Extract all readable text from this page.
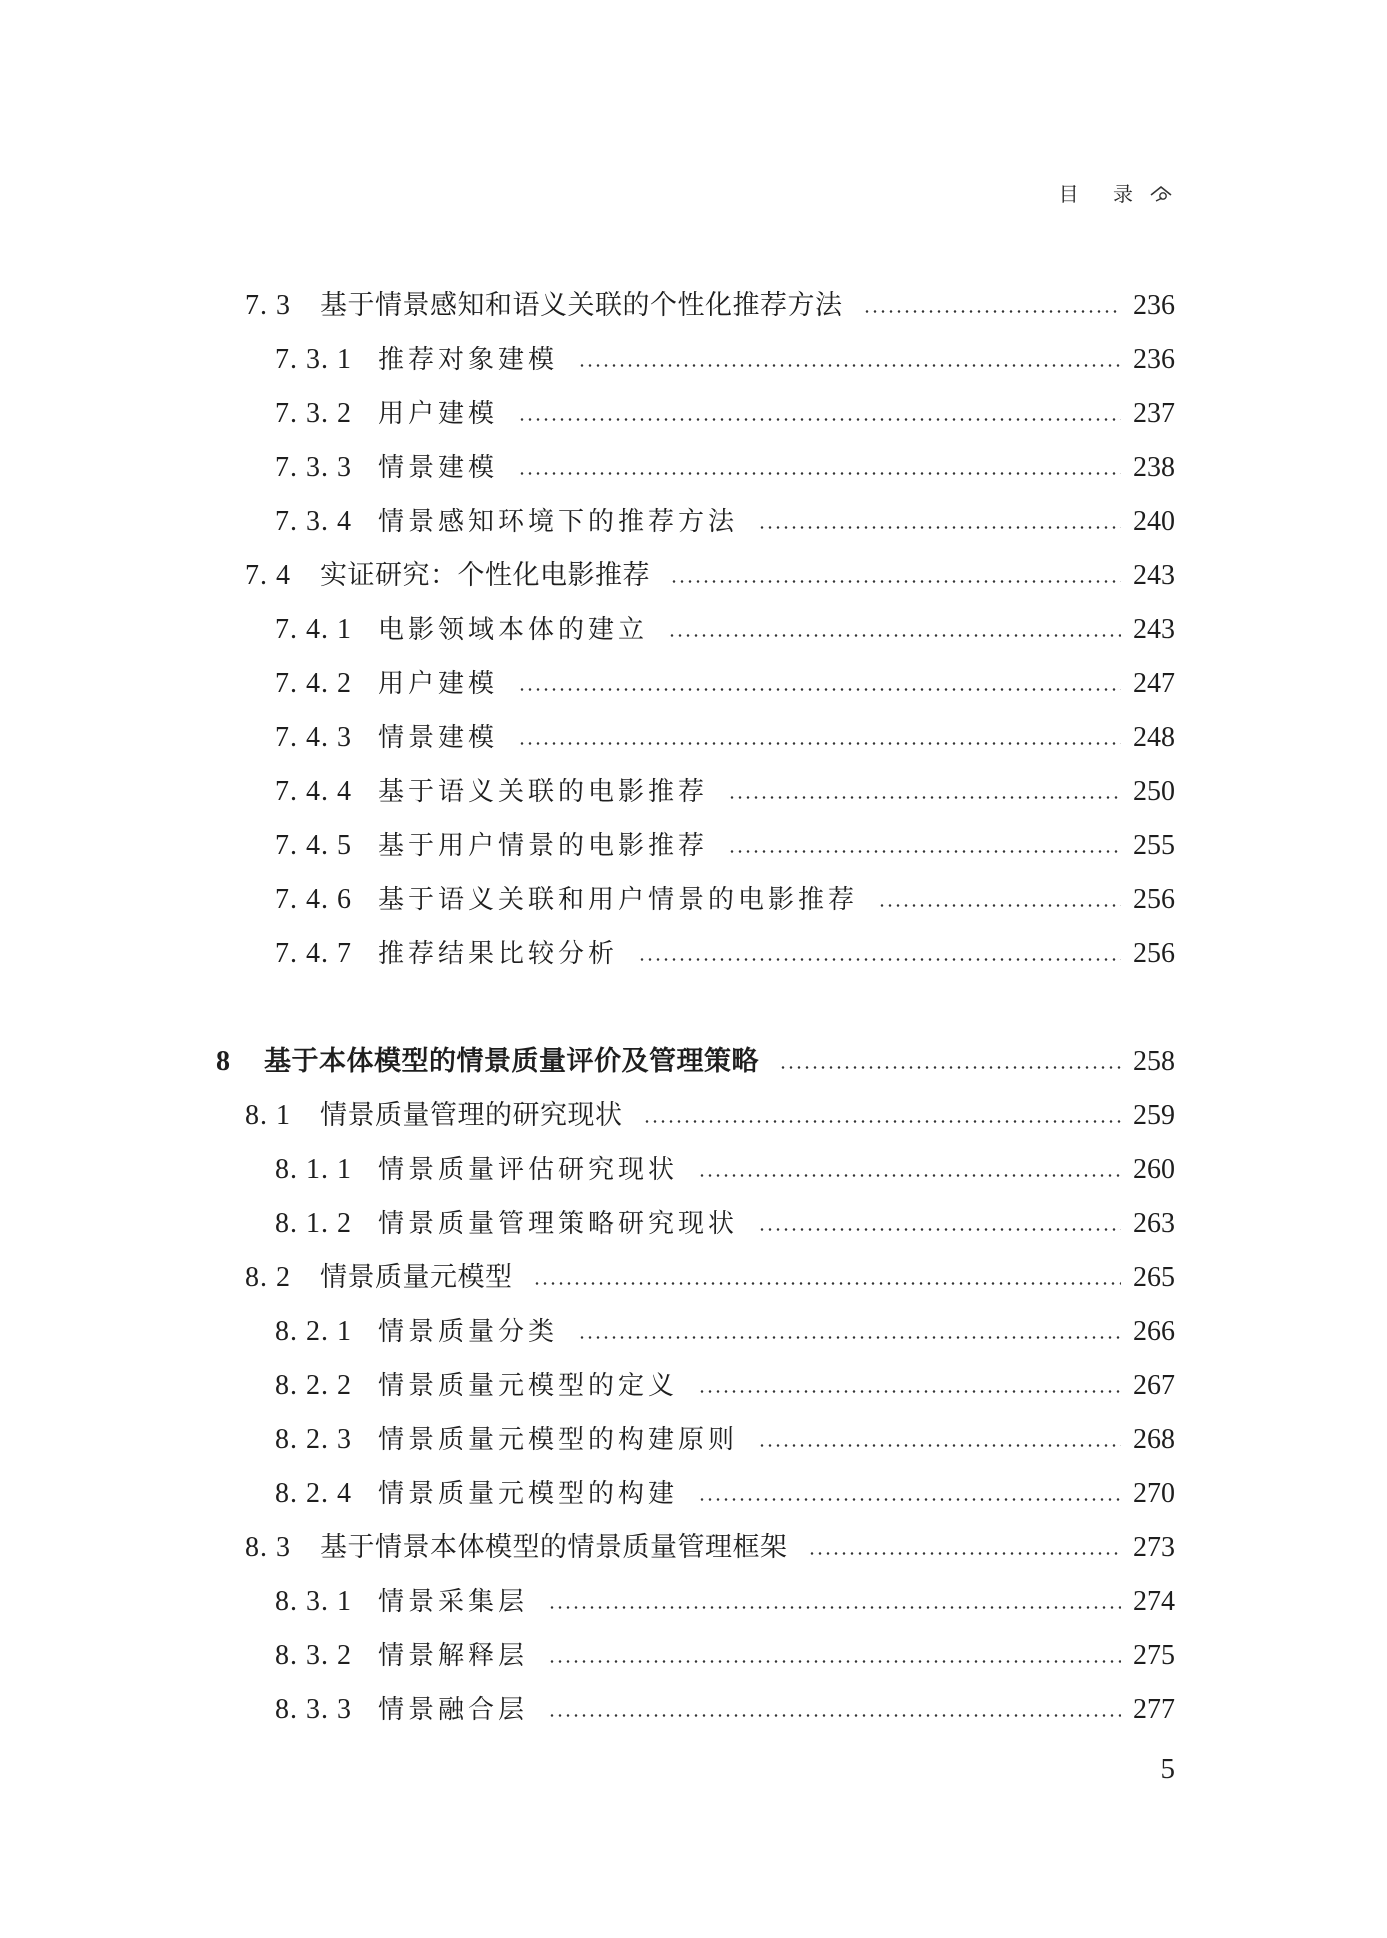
目 录
7. 3	基于情景感知和语义关联的个性化推荐方法	236
7. 3. 1	推荐对象建模	236
7. 3. 2	用户建模	237
7. 3. 3	情景建模	238
7. 3. 4	情景感知环境下的推荐方法	240
7. 4	实证研究：个性化电影推荐	243
7. 4. 1	电影领域本体的建立	243
7. 4. 2	用户建模	247
7. 4. 3	情景建模	248
7. 4. 4	基于语义关联的电影推荐	250
7. 4. 5	基于用户情景的电影推荐	255
7. 4. 6	基于语义关联和用户情景的电影推荐	256
7. 4. 7	推荐结果比较分析	256
8	基于本体模型的情景质量评价及管理策略	258
8. 1	情景质量管理的研究现状	259
8. 1. 1	情景质量评估研究现状	260
8. 1. 2	情景质量管理策略研究现状	263
8. 2	情景质量元模型	265
8. 2. 1	情景质量分类	266
8. 2. 2	情景质量元模型的定义	267
8. 2. 3	情景质量元模型的构建原则	268
8. 2. 4	情景质量元模型的构建	270
8. 3	基于情景本体模型的情景质量管理框架	273
8. 3. 1	情景采集层	274
8. 3. 2	情景解释层	275
8. 3. 3	情景融合层	277
5
